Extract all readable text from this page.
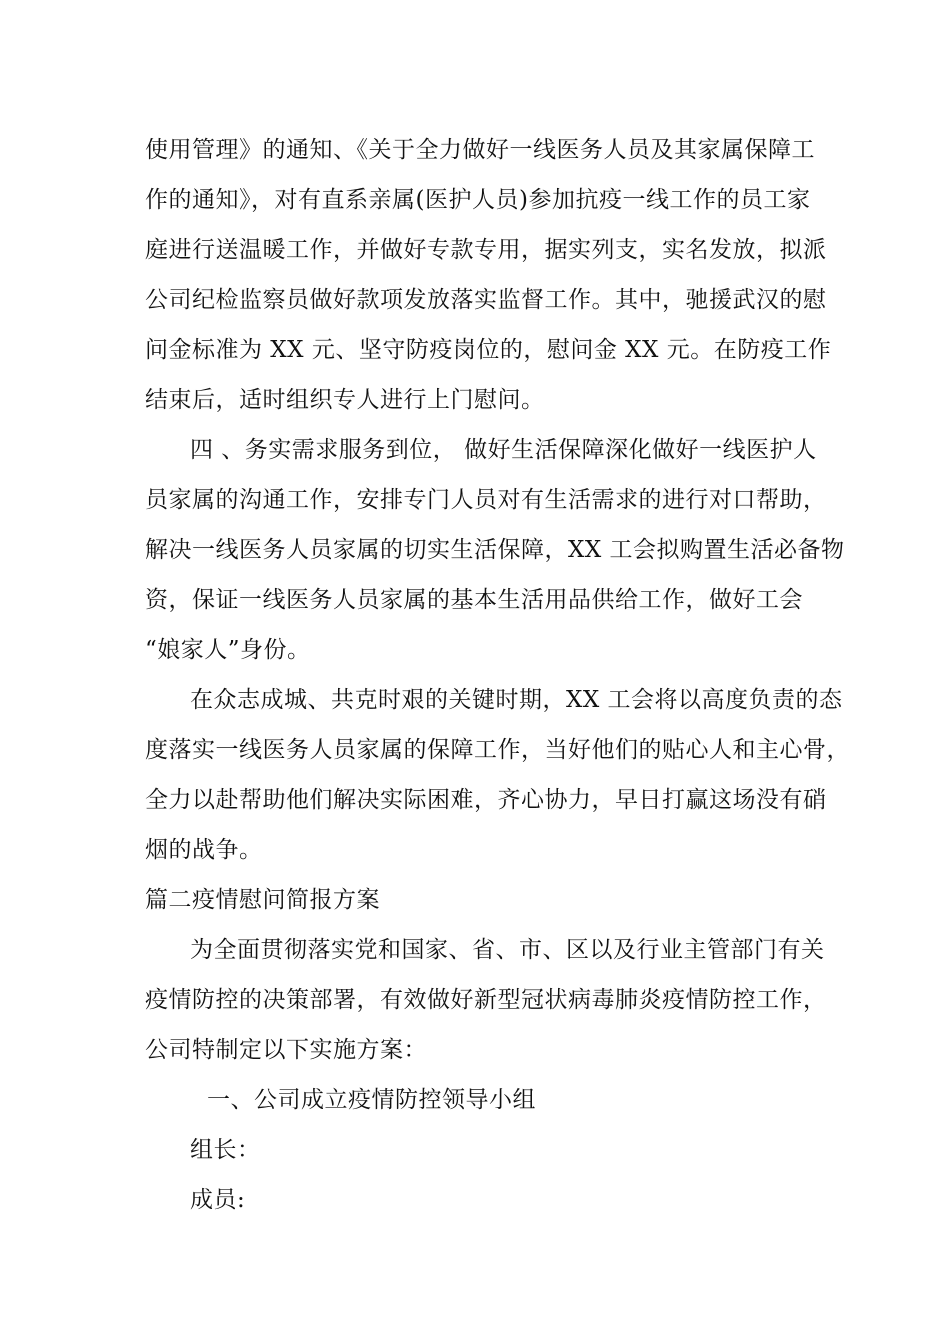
使用管理》的通知、《关于全力做好一线医务人员及其家属保障工
作的通知》，对有直系亲属(医护人员)参加抗疫一线工作的员工家
庭进行送温暖工作，并做好专款专用，据实列支，实名发放，拟派
公司纪检监察员做好款项发放落实监督工作。其中，驰援武汉的慰
问金标准为 XX 元、坚守防疫岗位的，慰问金 XX 元。在防疫工作
结束后，适时组织专人进行上门慰问。
四 、务实需求服务到位， 做好生活保障深化做好一线医护人
员家属的沟通工作，安排专门人员对有生活需求的进行对口帮助，
解决一线医务人员家属的切实生活保障，XX 工会拟购置生活必备物
资，保证一线医务人员家属的基本生活用品供给工作，做好工会
“娘家人”身份。
在众志成城、共克时艰的关键时期，XX 工会将以高度负责的态
度落实一线医务人员家属的保障工作，当好他们的贴心人和主心骨，
全力以赴帮助他们解决实际困难，齐心协力，早日打赢这场没有硝
烟的战争。
篇二疫情慰问简报方案
为全面贯彻落实党和国家、省、市、区以及行业主管部门有关
疫情防控的决策部署，有效做好新型冠状病毒肺炎疫情防控工作，
公司特制定以下实施方案：
一、公司成立疫情防控领导小组
组长：
成员:
